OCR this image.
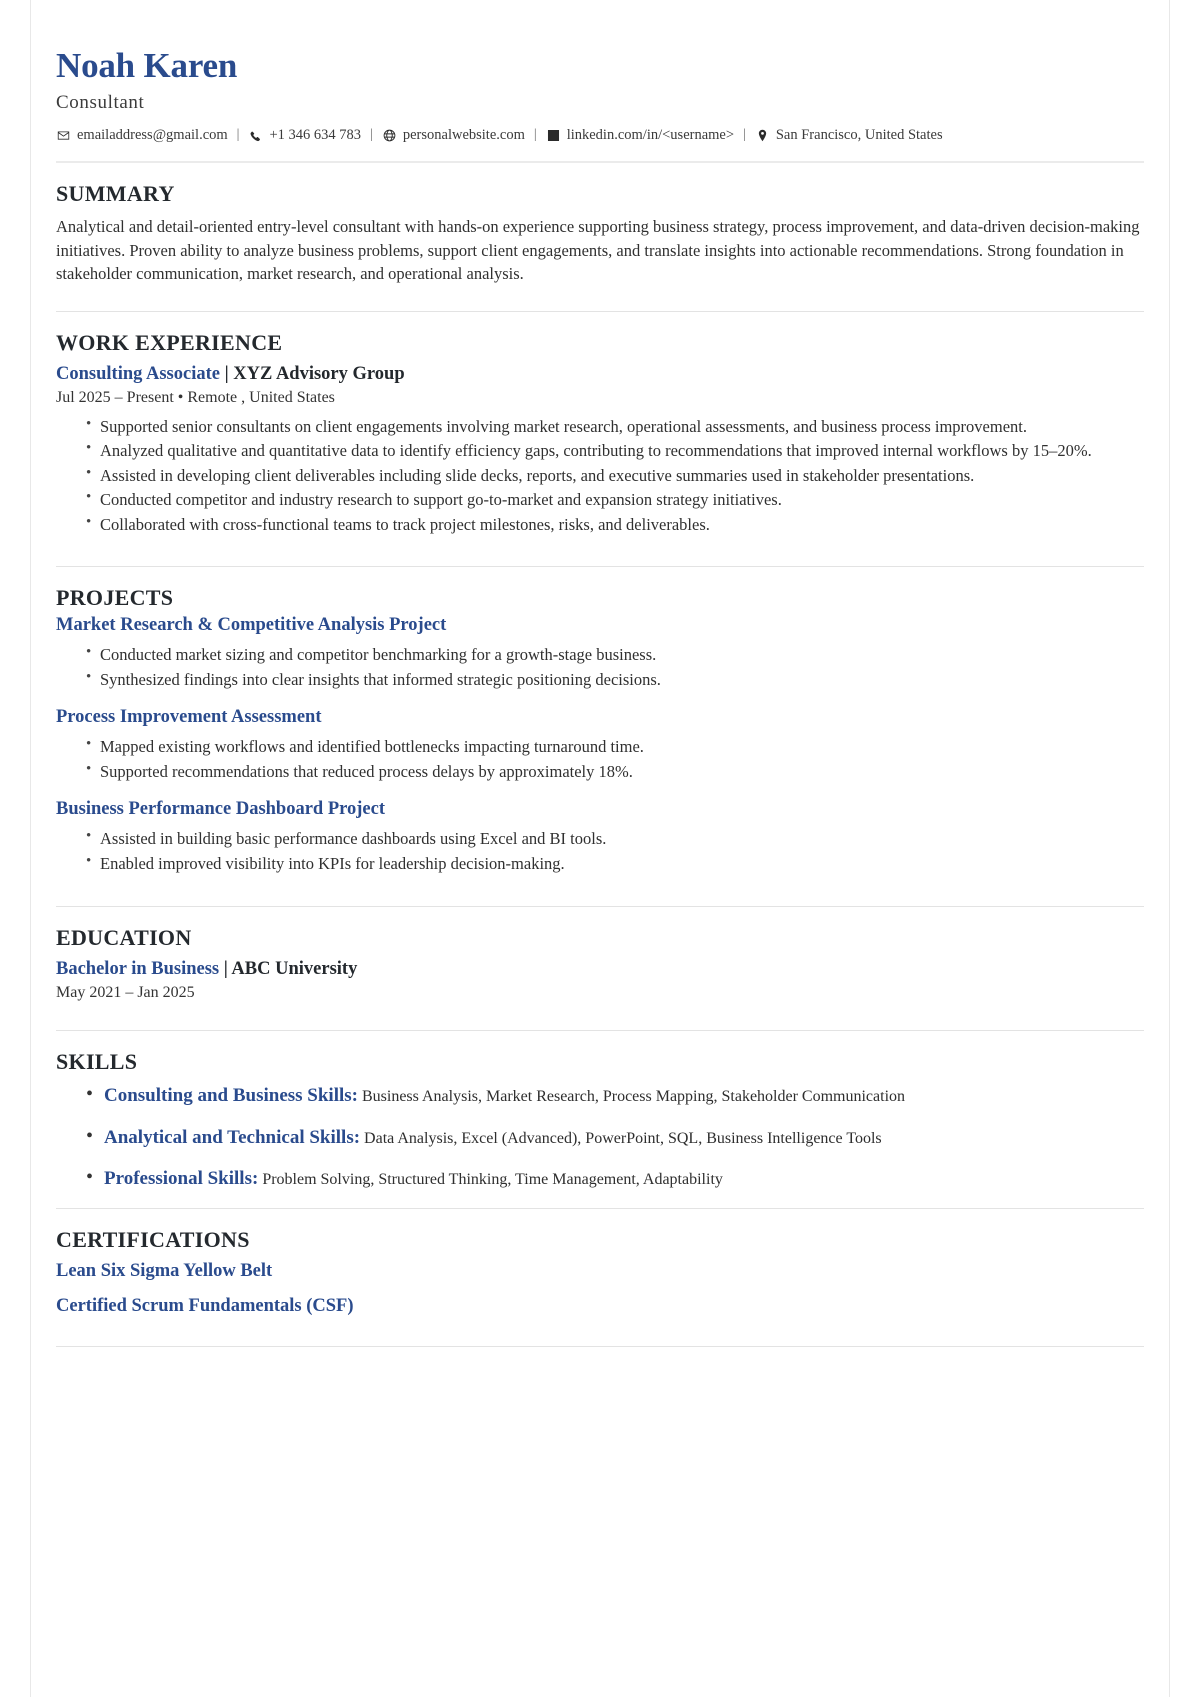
Noah Karen
Consultant
emailaddress@gmail.com | +1 346 634 783 | personalwebsite.com | linkedin.com/in/<username> | San Francisco, United States
SUMMARY

Analytical and detail-oriented entry-level consultant with hands-on experience supporting business strategy, process improvement, and data-driven decision-making initiatives. Proven ability to analyze business problems, support client engagements, and translate insights into actionable recommendations. Strong foundation in stakeholder communication, market research, and operational analysis.

WORK EXPERIENCE
Consulting Associate | XYZ Advisory Group
Jul 2025 – Present • Remote , United States
• Supported senior consultants on client engagements involving market research, operational assessments, and business process improvement.
• Analyzed qualitative and quantitative data to identify efficiency gaps, contributing to recommendations that improved internal workflows by 15–20%.
• Assisted in developing client deliverables including slide decks, reports, and executive summaries used in stakeholder presentations.
• Conducted competitor and industry research to support go-to-market and expansion strategy initiatives.
• Collaborated with cross-functional teams to track project milestones, risks, and deliverables.
PROJECTS
Market Research & Competitive Analysis Project
• Conducted market sizing and competitor benchmarking for a growth-stage business.
• Synthesized findings into clear insights that informed strategic positioning decisions.
Process Improvement Assessment
• Mapped existing workflows and identified bottlenecks impacting turnaround time.
• Supported recommendations that reduced process delays by approximately 18%.
Business Performance Dashboard Project
• Assisted in building basic performance dashboards using Excel and BI tools.
• Enabled improved visibility into KPIs for leadership decision-making.
EDUCATION
Bachelor in Business | ABC University
May 2021 – Jan 2025
SKILLS
• Consulting and Business Skills: Business Analysis, Market Research, Process Mapping, Stakeholder Communication
• Analytical and Technical Skills: Data Analysis, Excel (Advanced), PowerPoint, SQL, Business Intelligence Tools
• Professional Skills: Problem Solving, Structured Thinking, Time Management, Adaptability
CERTIFICATIONS
Lean Six Sigma Yellow Belt
Certified Scrum Fundamentals (CSF)
